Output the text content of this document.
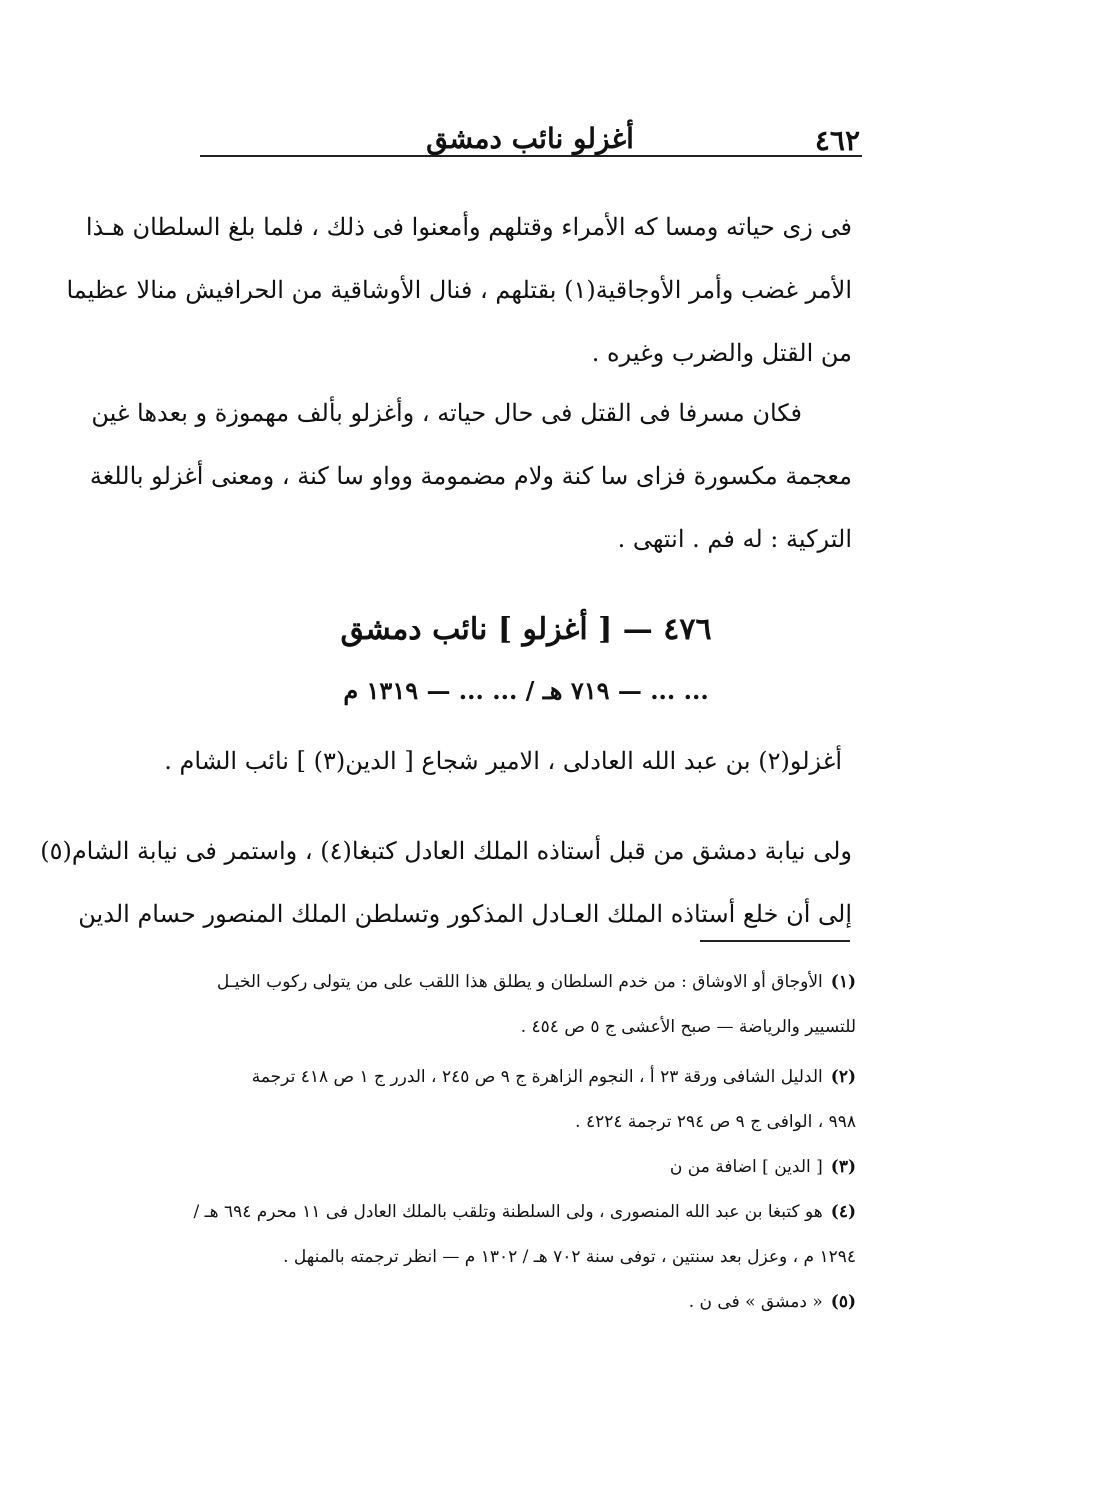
٤٦٢
أغزلو نائب دمشق
فى زى حياته ومسا كه الأمراء وقتلهم وأمعنوا فى ذلك ، فلما بلغ السلطان هـذا
الأمر غضب وأمر الأوجاقية(١) بقتلهم ، فنال الأوشاقية من الحرافيش منالا عظيما
من القتل والضرب وغيره .
فكان مسرفا فى القتل فى حال حياته ، وأغزلو بألف مهموزة و بعدها غين
معجمة مكسورة فزاى سا كنة ولام مضمومة وواو سا كنة ، ومعنى أغزلو باللغة
التركية : له فم . انتهى .
٤٧٦ — [ أغزلو ] نائب دمشق
... ... — ٧١٩ هـ / ... ... — ١٣١٩ م
أغزلو(٢) بن عبد الله العادلى ، الامير شجاع [ الدين(٣) ] نائب الشام .
ولى نيابة دمشق من قبل أستاذه الملك العادل كتبغا(٤) ، واستمر فى نيابة الشام(٥)
إلى أن خلع أستاذه الملك العـادل المذكور وتسلطن الملك المنصور حسام الدين
(١)الأوجاق أو الاوشاق : من خدم السلطان و يطلق هذا اللقب على من يتولى ركوب الخيـل
للتسيير والرياضة — صبح الأعشى ج ٥ ص ٤٥٤ .
(٢)الدليل الشافى ورقة ٢٣ أ ، النجوم الزاهرة ج ٩ ص ٢٤٥ ، الدرر ج ١ ص ٤١٨ ترجمة
٩٩٨ ، الوافى ج ٩ ص ٢٩٤ ترجمة ٤٢٢٤ .
(٣)[ الدين ] اضافة من ن
(٤)هو كتبغا بن عبد الله المنصورى ، ولى السلطنة وتلقب بالملك العادل فى ١١ محرم ٦٩٤ هـ /
١٢٩٤ م ، وعزل بعد سنتين ، توفى سنة ٧٠٢ هـ / ١٣٠٢ م — انظر ترجمته بالمنهل .
(٥)« دمشق » فى ن .
